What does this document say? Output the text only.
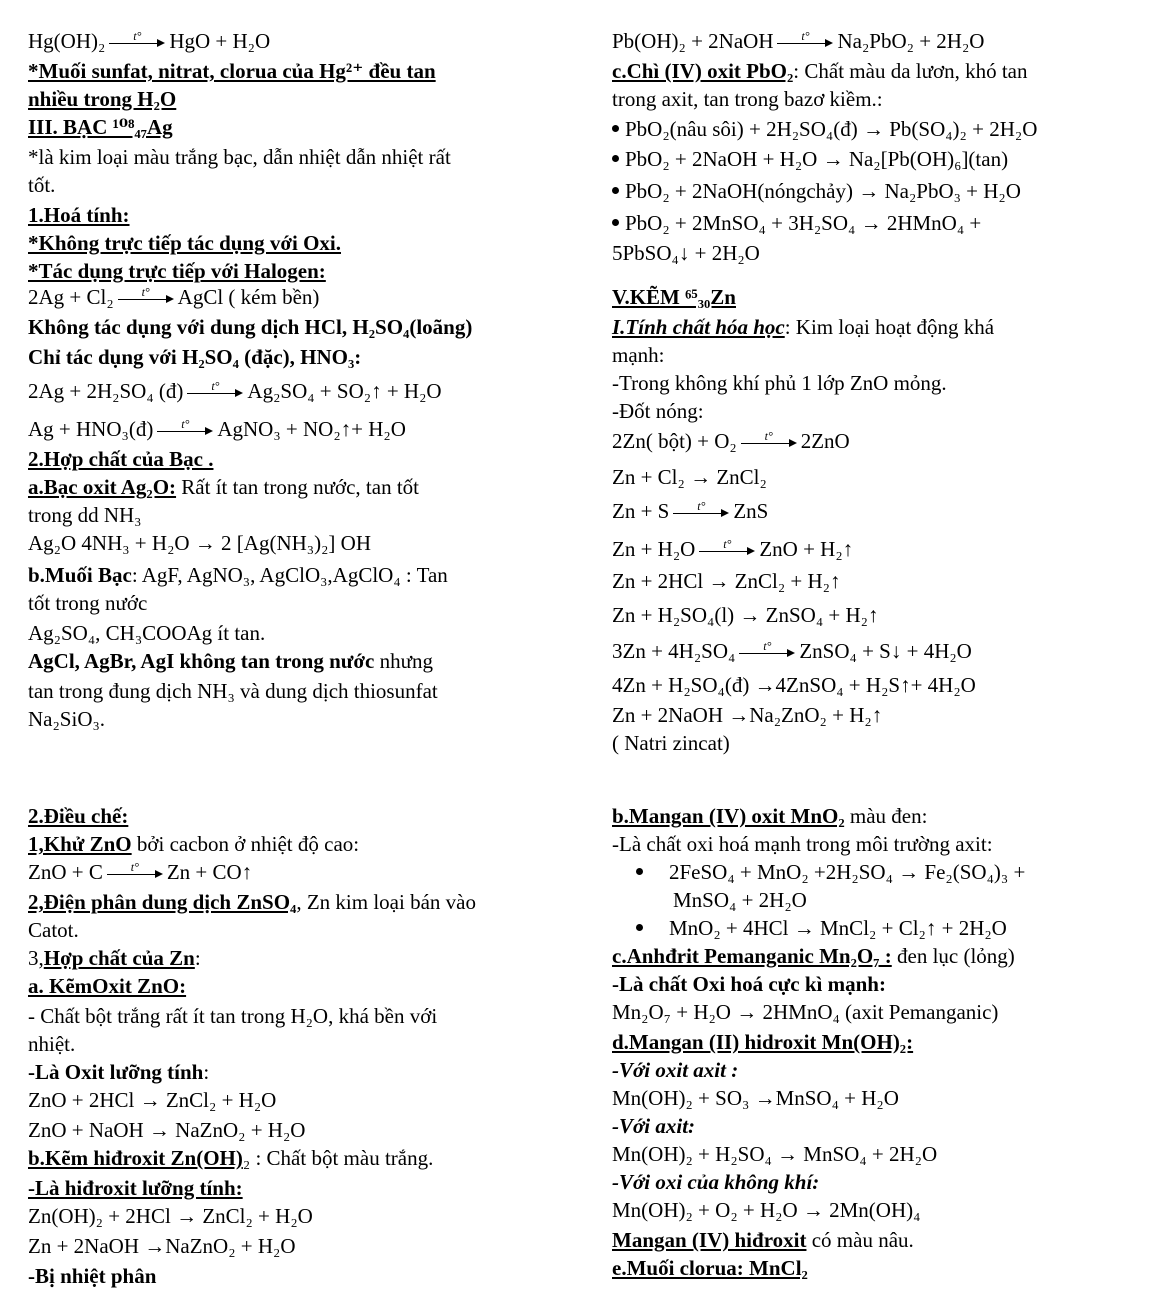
Hg(OH)₂	t°	HgO + H₂O
*Muối sunfat, nitrat, clorua của Hg²⁺ đều tan
nhiều trong H₂O
III. BẠC ¹⁰⁸₄₇Ag
*là kim loại màu trắng bạc, dẫn nhiệt dẫn nhiệt rất
tốt.
1.Hoá tính:
*Không trực tiếp tác dụng với Oxi.
*Tác dụng trực tiếp với Halogen:
2Ag + Cl₂	t°	AgCl ( kém bền)
Không tác dụng với dung dịch HCl, H₂SO₄(loãng)
Chỉ tác dụng với H₂SO₄ (đặc), HNO₃:
2Ag + 2H₂SO₄ (đ)	t°	Ag₂SO₄ + SO₂↑ + H₂O
Ag + HNO₃(đ)	t°	AgNO₃ + NO₂↑+ H₂O
2.Hợp chất của Bạc .
a.Bạc oxit Ag₂O: Rất ít tan trong nước, tan tốt
trong dd NH₃
Ag₂O 4NH₃ + H₂O → 2 [Ag(NH₃)₂] OH
b.Muối Bạc: AgF, AgNO₃, AgClO₃,AgClO₄ : Tan
tốt trong nước
Ag₂SO₄, CH₃COOAg ít tan.
AgCl, AgBr, AgI không tan trong nước nhưng
tan trong đung dịch NH₃ và dung dịch thiosunfat
Na₂SiO₃.
Pb(OH)₂ + 2NaOH	t°	Na₂PbO₂ + 2H₂O
c.Chì (IV) oxit PbO₂: Chất màu da lươn, khó tan
trong axit, tan trong bazơ kiềm.:
PbO₂(nâu sôi) + 2H₂SO₄(đ) → Pb(SO₄)₂ + 2H₂O
PbO₂ + 2NaOH + H₂O → Na₂[Pb(OH)₆](tan)
PbO₂ + 2NaOH(nóngchảy) → Na₂PbO₃ + H₂O
PbO₂ + 2MnSO₄ + 3H₂SO₄ → 2HMnO₄ +
5PbSO₄↓ + 2H₂O
V.KẼM ⁶⁵₃₀Zn
I.Tính chất hóa học: Kim loại hoạt động khá
mạnh:
-Trong không khí phủ 1 lớp ZnO mỏng.
-Đốt nóng:
2Zn( bột) + O₂	t°	2ZnO
Zn + Cl₂ → ZnCl₂
Zn + S	t°	ZnS
Zn + H₂O	t°	ZnO + H₂↑
Zn + 2HCl → ZnCl₂ + H₂↑
Zn + H₂SO₄(l) → ZnSO₄ + H₂↑
3Zn + 4H₂SO₄	t°	ZnSO₄ + S↓ + 4H₂O
4Zn + H₂SO₄(đ) →4ZnSO₄ + H₂S↑+ 4H₂O
Zn + 2NaOH →Na₂ZnO₂ + H₂↑
( Natri zincat)
2.Điều chế:
1,Khử ZnO bởi cacbon ở nhiệt độ cao:
ZnO + C	t°	Zn + CO↑
2,Điện phân dung dịch ZnSO₄, Zn kim loại bán vào
Catot.
3,Hợp chất của Zn:
a. KẽmOxit ZnO:
- Chất bột trắng rất ít tan trong H₂O, khá bền với
nhiệt.
-Là Oxit lưỡng tính:
ZnO + 2HCl → ZnCl₂ + H₂O
ZnO + NaOH → NaZnO₂ + H₂O
b.Kẽm hiđroxit Zn(OH)₂ : Chất bột màu trắng.
-Là hiđroxit lưỡng tính:
Zn(OH)₂ + 2HCl → ZnCl₂ + H₂O
Zn + 2NaOH →NaZnO₂ + H₂O
-Bị nhiệt phân
b.Mangan (IV) oxit MnO₂ màu đen:
-Là chất oxi hoá mạnh trong môi trường axit:
2FeSO₄ + MnO₂ +2H₂SO₄ → Fe₂(SO₄)₃ +
MnSO₄ + 2H₂O
MnO₂ + 4HCl → MnCl₂ + Cl₂↑ + 2H₂O
c.Anhđrit Pemanganic Mn₂O₇ : đen lục (lỏng)
-Là chất Oxi hoá cực kì mạnh:
Mn₂O₇ + H₂O → 2HMnO₄ (axit Pemanganic)
d.Mangan (II) hidroxit Mn(OH)₂:
-Với oxit axit :
Mn(OH)₂ + SO₃ →MnSO₄ + H₂O
-Với axit:
Mn(OH)₂ + H₂SO₄ → MnSO₄ + 2H₂O
-Với oxi của không khí:
Mn(OH)₂ + O₂ + H₂O → 2Mn(OH)₄
Mangan (IV) hiđroxit có màu nâu.
e.Muối clorua: MnCl₂
